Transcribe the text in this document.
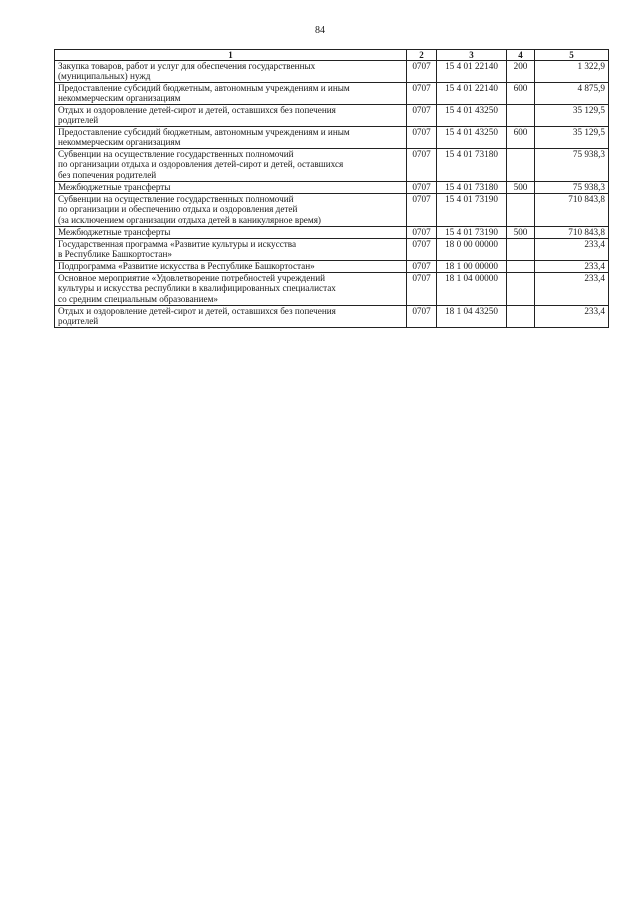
84
1	2	3	4	5
Закупка товаров, работ и услуг для обеспечения государственных
(муниципальных) нужд	0707	15 4 01 22140	200	1 322,9
Предоставление субсидий бюджетным, автономным учреждениям и иным
некоммерческим организациям	0707	15 4 01 22140	600	4 875,9
Отдых и оздоровление детей-сирот и детей, оставшихся без попечения
родителей	0707	15 4 01 43250		35 129,5
Предоставление субсидий бюджетным, автономным учреждениям и иным
некоммерческим организациям	0707	15 4 01 43250	600	35 129,5
Субвенции на осуществление государственных полномочий
по организации отдыха и оздоровления детей-сирот и детей, оставшихся
без попечения родителей	0707	15 4 01 73180		75 938,3
Межбюджетные трансферты	0707	15 4 01 73180	500	75 938,3
Субвенции на осуществление государственных полномочий
по организации и обеспечению отдыха и оздоровления детей
(за исключением организации отдыха детей в каникулярное время)	0707	15 4 01 73190		710 843,8
Межбюджетные трансферты	0707	15 4 01 73190	500	710 843,8
Государственная программа «Развитие культуры и искусства
в Республике Башкортостан»	0707	18 0 00 00000		233,4
Подпрограмма «Развитие искусства в Республике Башкортостан»	0707	18 1 00 00000		233,4
Основное мероприятие «Удовлетворение потребностей учреждений
культуры и искусства республики в квалифицированных специалистах
со средним специальным образованием»	0707	18 1 04 00000		233,4
Отдых и оздоровление детей-сирот и детей, оставшихся без попечения
родителей	0707	18 1 04 43250		233,4
